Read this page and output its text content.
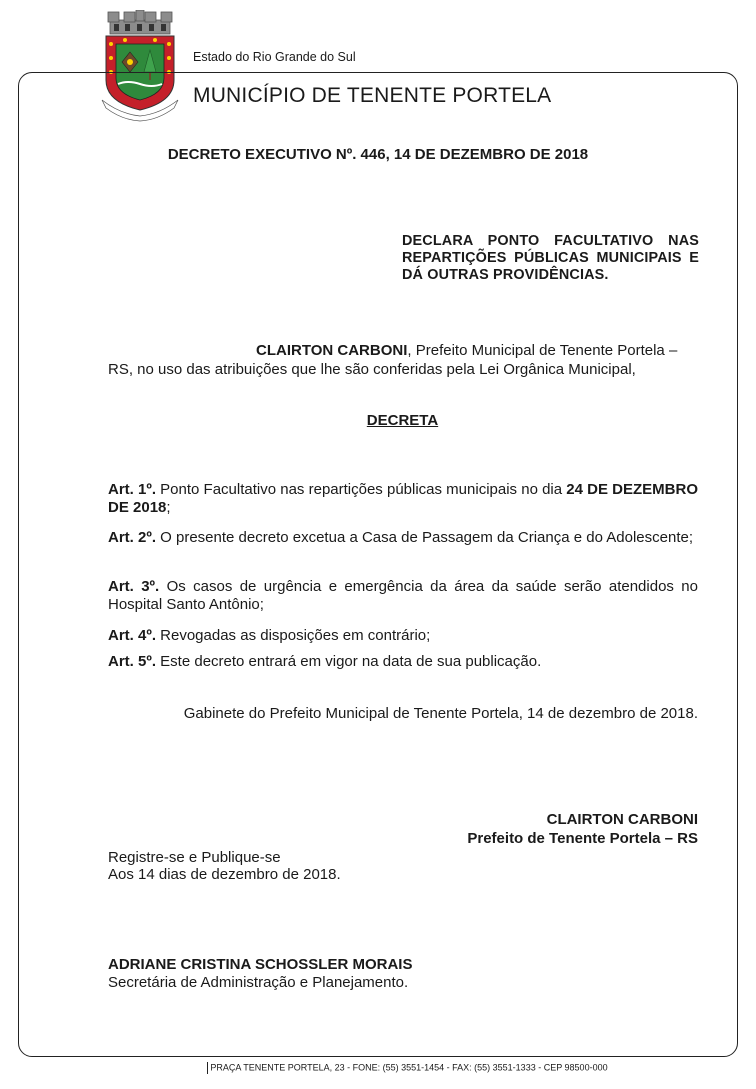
Estado do Rio Grande do Sul
MUNICÍPIO DE TENENTE PORTELA
DECRETO EXECUTIVO Nº. 446, 14 DE DEZEMBRO DE 2018
DECLARA PONTO FACULTATIVO NAS REPARTIÇÕES PÚBLICAS MUNICIPAIS E DÁ OUTRAS PROVIDÊNCIAS.
CLAIRTON CARBONI, Prefeito Municipal de Tenente Portela – RS, no uso das atribuições que lhe são conferidas pela Lei Orgânica Municipal,
DECRETA
Art. 1º. Ponto Facultativo nas repartições públicas municipais no dia 24 DE DEZEMBRO DE 2018;
Art. 2º. O presente decreto excetua a Casa de Passagem da Criança e do Adolescente;
Art. 3º. Os casos de urgência e emergência da área da saúde serão atendidos no Hospital Santo Antônio;
Art. 4º. Revogadas as disposições em contrário;
Art. 5º. Este decreto entrará em vigor na data de sua publicação.
Gabinete do Prefeito Municipal de Tenente Portela, 14 de dezembro de 2018.
CLAIRTON CARBONI
Prefeito de Tenente Portela – RS
Registre-se e Publique-se
Aos 14 dias de dezembro de 2018.
ADRIANE CRISTINA SCHOSSLER MORAIS
Secretária de Administração e Planejamento.
PRAÇA TENENTE PORTELA, 23 - FONE: (55) 3551-1454 - FAX: (55) 3551-1333 - CEP 98500-000
